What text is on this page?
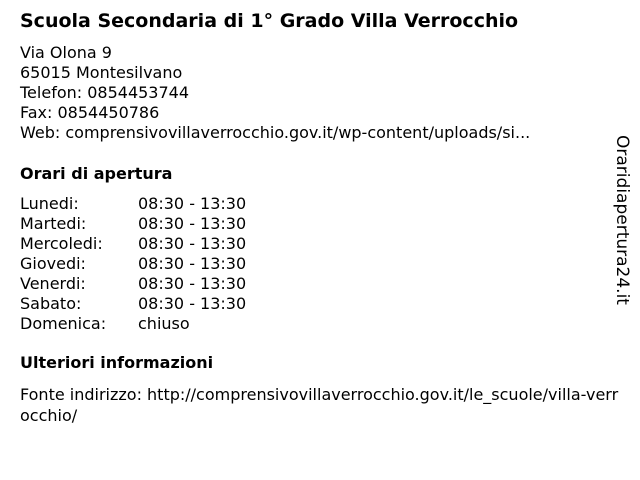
Scuola Secondaria di 1° Grado Villa Verrocchio
Via Olona 9
65015 Montesilvano
Telefon: 0854453744
Fax: 0854450786
Web: comprensivovillaverrocchio.gov.it/wp-content/uploads/si...
Orari di apertura
Lunedi:	08:30 - 13:30
Martedi:	08:30 - 13:30
Mercoledi: 08:30 - 13:30
Giovedi:	08:30 - 13:30
Venerdi:	08:30 - 13:30
Sabato:	08:30 - 13:30
Domenica: chiuso
Ulteriori informazioni
Fonte indirizzo: http://comprensivovillaverrocchio.gov.it/le_scuole/villa-verrocchio/
Oraridiapertura24.it
